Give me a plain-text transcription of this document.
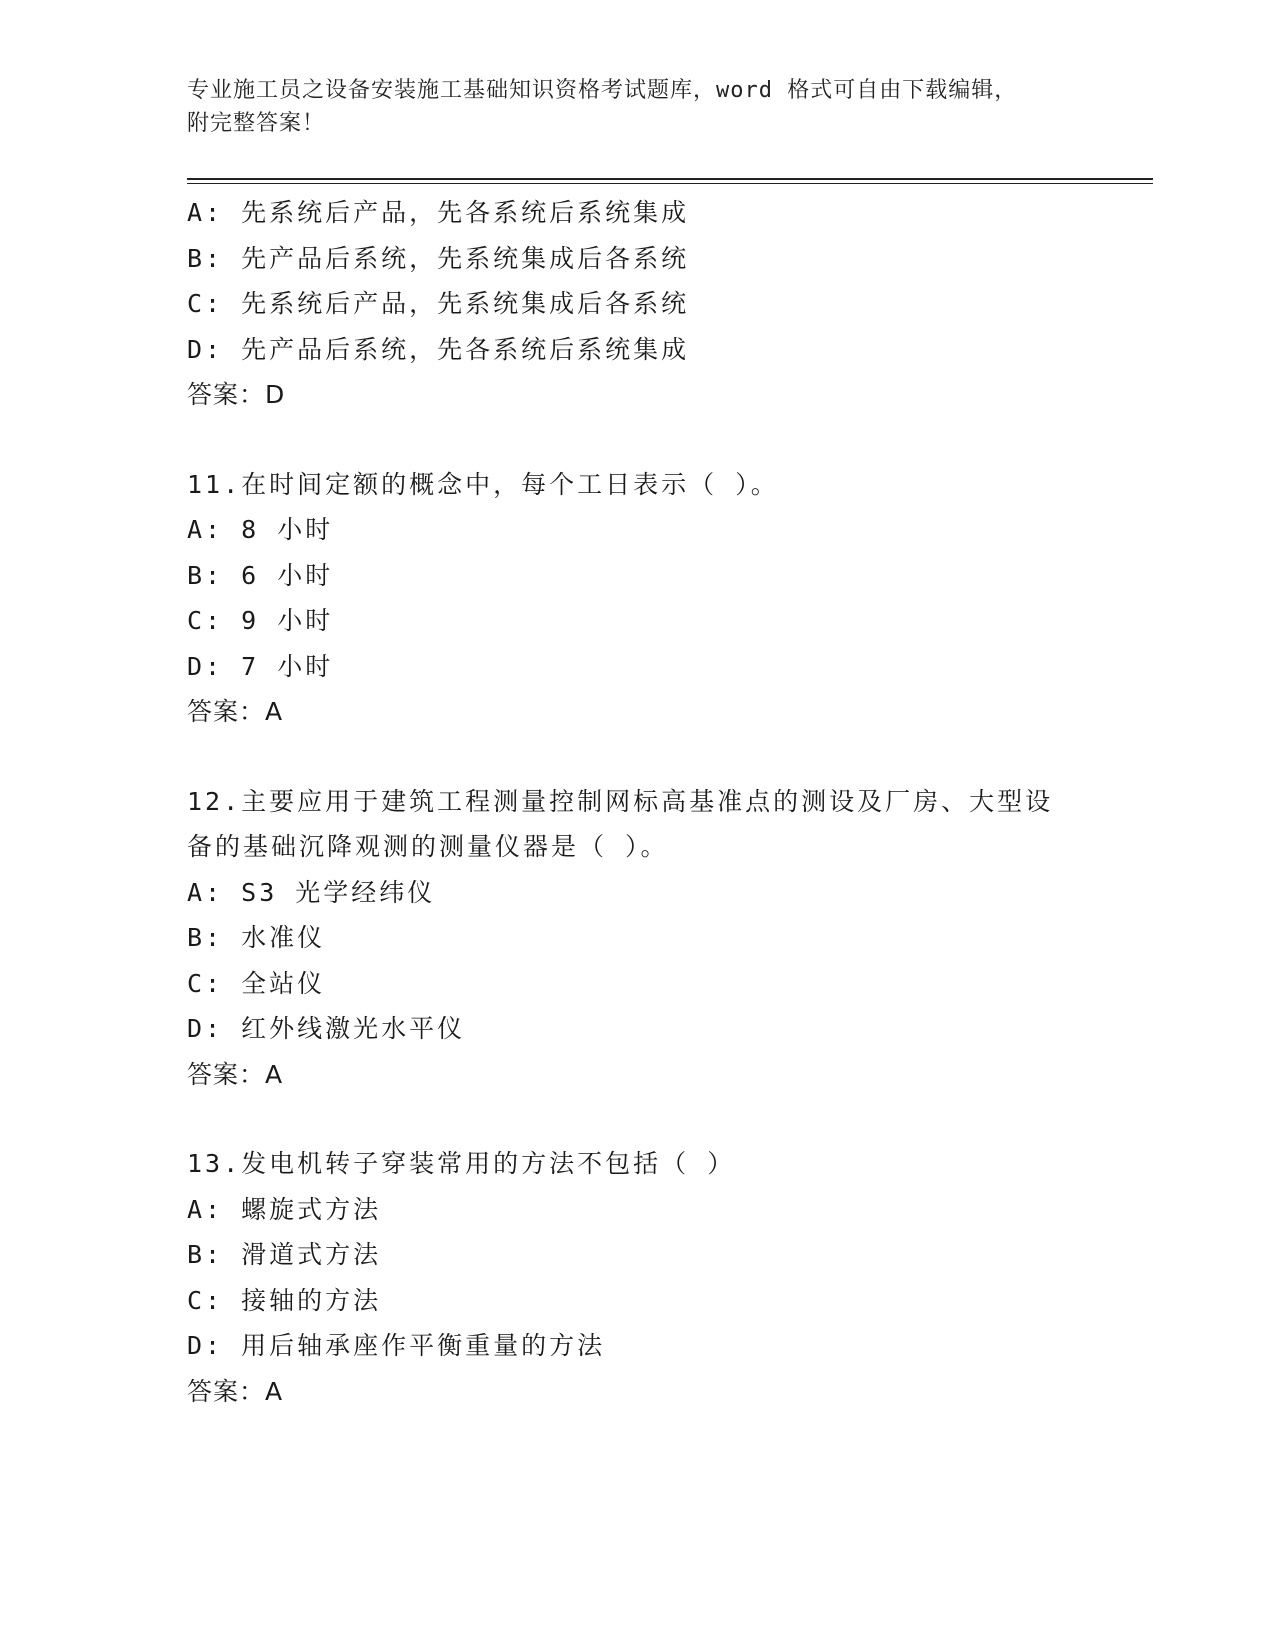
专业施工员之设备安装施工基础知识资格考试题库，word 格式可自由下载编辑，
附完整答案！
A: 先系统后产品，先各系统后系统集成
B: 先产品后系统，先系统集成后各系统
C: 先系统后产品，先系统集成后各系统
D: 先产品后系统，先各系统后系统集成
答案：D
11.在时间定额的概念中，每个工日表示（ ）。
A: 8 小时
B: 6 小时
C: 9 小时
D: 7 小时
答案：A
12.主要应用于建筑工程测量控制网标高基准点的测设及厂房、大型设
备的基础沉降观测的测量仪器是（ ）。
A: S3 光学经纬仪
B: 水准仪
C: 全站仪
D: 红外线激光水平仪
答案：A
13.发电机转子穿装常用的方法不包括（ ）
A: 螺旋式方法
B: 滑道式方法
C: 接轴的方法
D: 用后轴承座作平衡重量的方法
答案：A
